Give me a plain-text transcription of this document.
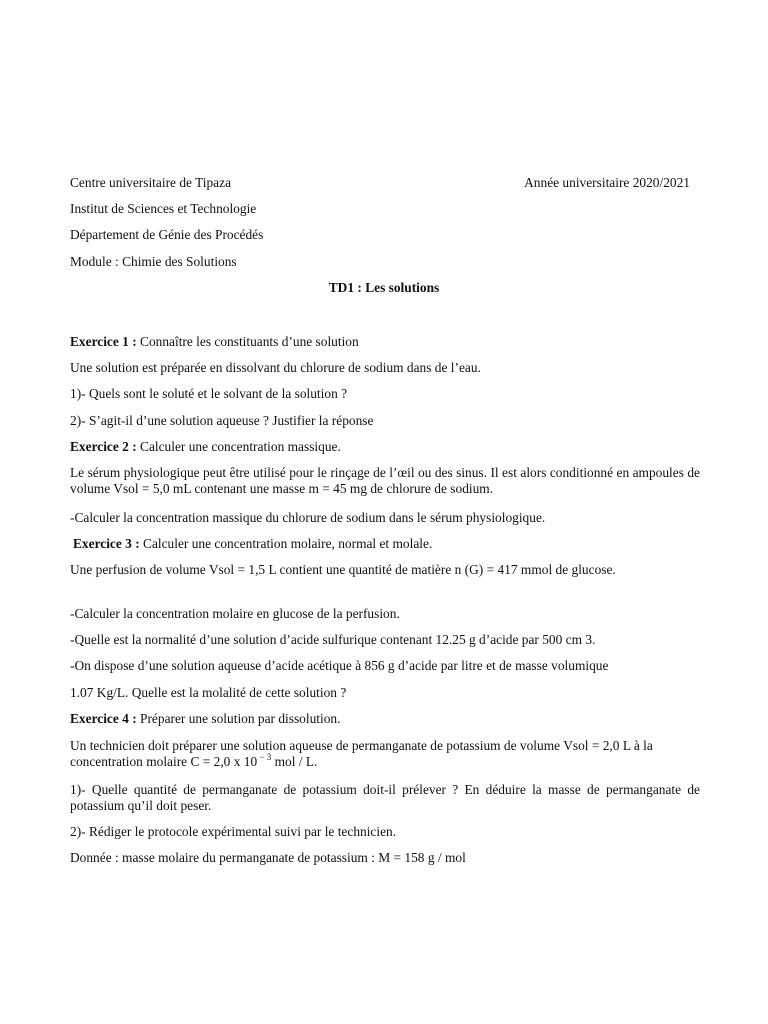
Centre universitaire de Tipaza	Année universitaire 2020/2021
Institut de Sciences et Technologie
Département de Génie des Procédés
Module : Chimie des Solutions
TD1 : Les solutions
Exercice 1 : Connaître les constituants d’une solution
Une solution est préparée en dissolvant du chlorure de sodium dans de l’eau.
1)- Quels sont le soluté et le solvant de la solution ?
2)- S’agit-il d’une solution aqueuse ? Justifier la réponse
Exercice 2 : Calculer une concentration massique.
Le sérum physiologique peut être utilisé pour le rinçage de l’œil ou des sinus. Il est alors conditionné en ampoules de volume Vsol = 5,0 mL contenant une masse m = 45 mg de chlorure de sodium.
-Calculer la concentration massique du chlorure de sodium dans le sérum physiologique.
Exercice 3 : Calculer une concentration molaire, normal et molale.
Une perfusion de volume Vsol = 1,5 L contient une quantité de matière n (G) = 417 mmol de glucose.
-Calculer la concentration molaire en glucose de la perfusion.
-Quelle est la normalité d’une solution d’acide sulfurique contenant 12.25 g d’acide par 500 cm 3.
-On dispose d’une solution aqueuse d’acide acétique à 856 g d’acide par litre et de masse volumique
1.07 Kg/L. Quelle est la molalité de cette solution ?
Exercice 4 : Préparer une solution par dissolution.
Un technicien doit préparer une solution aqueuse de permanganate de potassium de volume Vsol = 2,0 L à la concentration molaire C = 2,0 x 10 $^{- 3}$ mol / L.
1)- Quelle quantité de permanganate de potassium doit-il prélever ? En déduire la masse de permanganate de potassium qu’il doit peser.
2)- Rédiger le protocole expérimental suivi par le technicien.
Donnée : masse molaire du permanganate de potassium : M = 158 g / mol
